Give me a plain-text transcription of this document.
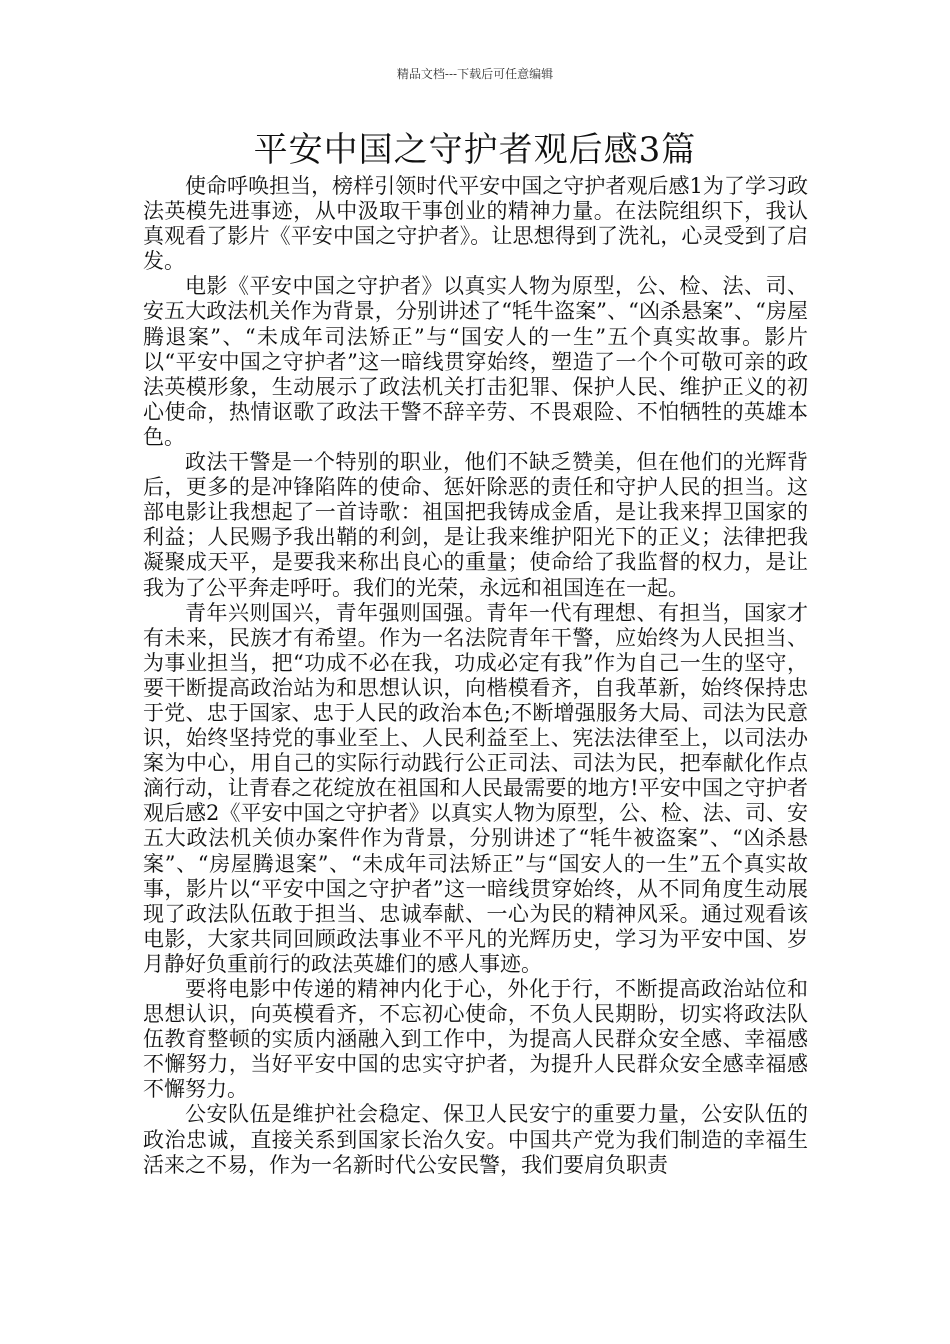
精品文档---下载后可任意编辑
平安中国之守护者观后感3篇

使命呼唤担当，榜样引领时代平安中国之守护者观后感1为了学习政法英模先进事迹，从中汲取干事创业的精神力量。在法院组织下，我认真观看了影片《平安中国之守护者》。让思想得到了洗礼，心灵受到了启发。

电影《平安中国之守护者》以真实人物为原型，公、检、法、司、安五大政法机关作为背景，分别讲述了“牦牛盗案”、“凶杀悬案”、“房屋腾退案”、“未成年司法矫正”与“国安人的一生”五个真实故事。影片以“平安中国之守护者”这一暗线贯穿始终，塑造了一个个可敬可亲的政法英模形象，生动展示了政法机关打击犯罪、保护人民、维护正义的初心使命，热情讴歌了政法干警不辞辛劳、不畏艰险、不怕牺牲的英雄本色。

政法干警是一个特别的职业，他们不缺乏赞美，但在他们的光辉背后，更多的是冲锋陷阵的使命、惩奸除恶的责任和守护人民的担当。这部电影让我想起了一首诗歌：祖国把我铸成金盾，是让我来捍卫国家的利益；人民赐予我出鞘的利剑，是让我来维护阳光下的正义；法律把我凝聚成天平，是要我来称出良心的重量；使命给了我监督的权力，是让我为了公平奔走呼吁。我们的光荣，永远和祖国连在一起。

青年兴则国兴，青年强则国强。青年一代有理想、有担当，国家才有未来，民族才有希望。作为一名法院青年干警，应始终为人民担当、为事业担当，把“功成不必在我，功成必定有我”作为自己一生的坚守，要干断提高政治站为和思想认识，向楷模看齐，自我革新，始终保持忠于党、忠于国家、忠于人民的政治本色;不断增强服务大局、司法为民意识，始终坚持党的事业至上、人民利益至上、宪法法律至上，以司法办案为中心，用自己的实际行动践行公正司法、司法为民，把奉献化作点滴行动，让青春之花绽放在祖国和人民最需要的地方!平安中国之守护者观后感2《平安中国之守护者》以真实人物为原型，公、检、法、司、安五大政法机关侦办案件作为背景，分别讲述了“牦牛被盗案”、“凶杀悬案”、“房屋腾退案”、“未成年司法矫正”与“国安人的一生”五个真实故事，影片以“平安中国之守护者”这一暗线贯穿始终，从不同角度生动展现了政法队伍敢于担当、忠诚奉献、一心为民的精神风采。通过观看该电影，大家共同回顾政法事业不平凡的光辉历史，学习为平安中国、岁月静好负重前行的政法英雄们的感人事迹。

要将电影中传递的精神内化于心，外化于行，不断提高政治站位和思想认识，向英模看齐，不忘初心使命，不负人民期盼，切实将政法队伍教育整顿的实质内涵融入到工作中，为提高人民群众安全感、幸福感不懈努力，当好平安中国的忠实守护者，为提升人民群众安全感幸福感不懈努力。

公安队伍是维护社会稳定、保卫人民安宁的重要力量，公安队伍的政治忠诚，直接关系到国家长治久安。中国共产党为我们制造的幸福生活来之不易，作为一名新时代公安民警，我们要肩负职责
